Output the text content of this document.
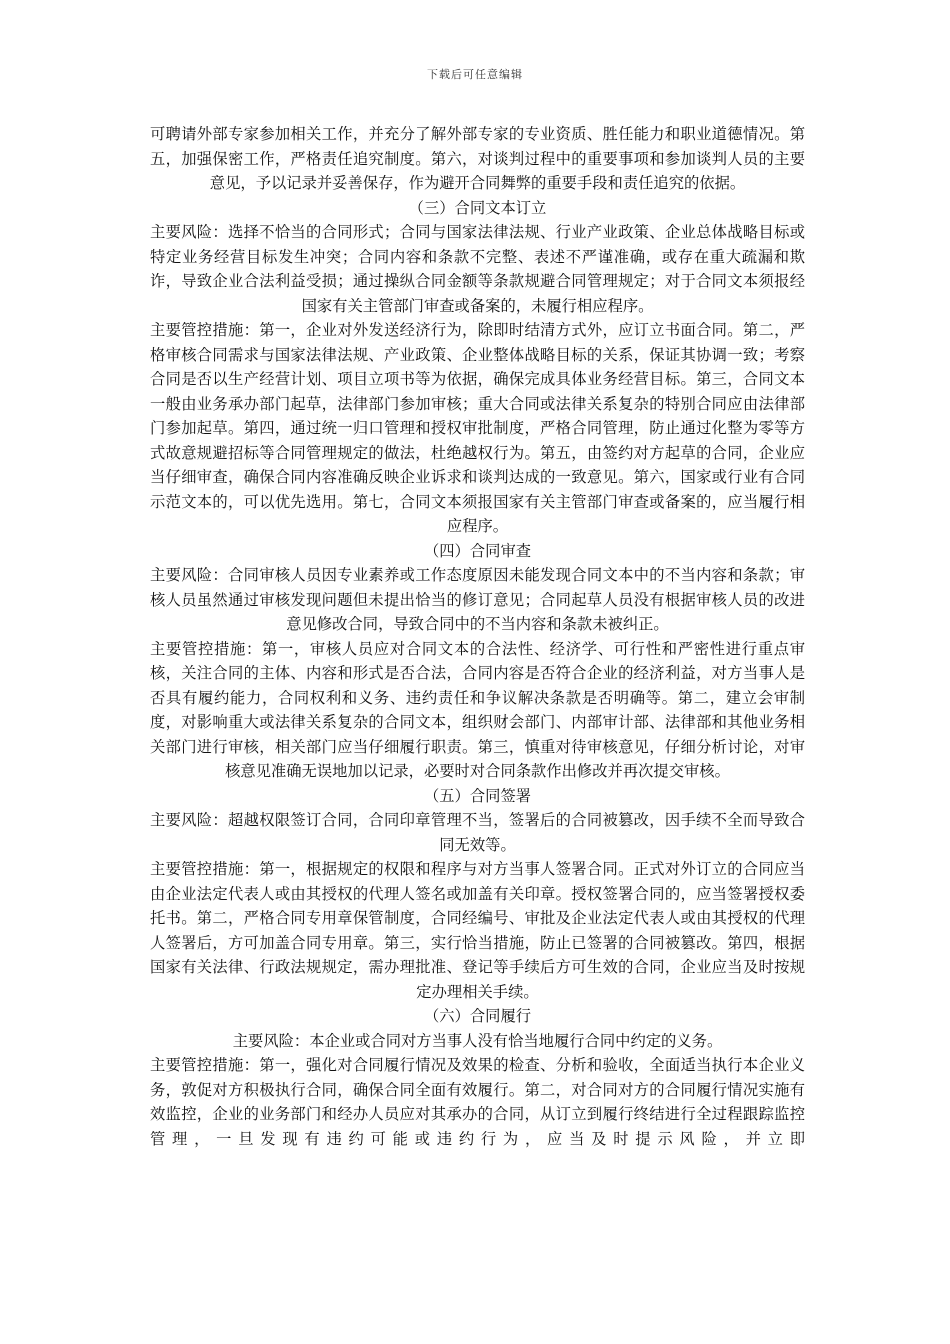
下载后可任意编辑

可聘请外部专家参加相关工作，并充分了解外部专家的专业资质、胜任能力和职业道德情况。第五，加强保密工作，严格责任追究制度。第六，对谈判过程中的重要事项和参加谈判人员的主要意见，予以记录并妥善保存，作为避开合同舞弊的重要手段和责任追究的依据。

（三）合同文本订立

主要风险：选择不恰当的合同形式；合同与国家法律法规、行业产业政策、企业总体战略目标或特定业务经营目标发生冲突；合同内容和条款不完整、表述不严谨准确，或存在重大疏漏和欺诈，导致企业合法利益受损；通过操纵合同金额等条款规避合同管理规定；对于合同文本须报经国家有关主管部门审查或备案的，未履行相应程序。

主要管控措施：第一，企业对外发送经济行为，除即时结清方式外，应订立书面合同。第二，严格审核合同需求与国家法律法规、产业政策、企业整体战略目标的关系，保证其协调一致；考察合同是否以生产经营计划、项目立项书等为依据，确保完成具体业务经营目标。第三，合同文本一般由业务承办部门起草，法律部门参加审核；重大合同或法律关系复杂的特别合同应由法律部门参加起草。第四，通过统一归口管理和授权审批制度，严格合同管理，防止通过化整为零等方式故意规避招标等合同管理规定的做法，杜绝越权行为。第五，由签约对方起草的合同，企业应当仔细审查，确保合同内容准确反映企业诉求和谈判达成的一致意见。第六，国家或行业有合同示范文本的，可以优先选用。第七，合同文本须报国家有关主管部门审查或备案的，应当履行相应程序。

（四）合同审查

主要风险：合同审核人员因专业素养或工作态度原因未能发现合同文本中的不当内容和条款；审核人员虽然通过审核发现问题但未提出恰当的修订意见；合同起草人员没有根据审核人员的改进意见修改合同，导致合同中的不当内容和条款未被纠正。

主要管控措施：第一，审核人员应对合同文本的合法性、经济学、可行性和严密性进行重点审核，关注合同的主体、内容和形式是否合法，合同内容是否符合企业的经济利益，对方当事人是否具有履约能力，合同权利和义务、违约责任和争议解决条款是否明确等。第二，建立会审制度，对影响重大或法律关系复杂的合同文本，组织财会部门、内部审计部、法律部和其他业务相关部门进行审核，相关部门应当仔细履行职责。第三，慎重对待审核意见，仔细分析讨论，对审核意见准确无误地加以记录，必要时对合同条款作出修改并再次提交审核。

（五）合同签署

主要风险：超越权限签订合同，合同印章管理不当，签署后的合同被篡改，因手续不全而导致合同无效等。

主要管控措施：第一，根据规定的权限和程序与对方当事人签署合同。正式对外订立的合同应当由企业法定代表人或由其授权的代理人签名或加盖有关印章。授权签署合同的，应当签署授权委托书。第二，严格合同专用章保管制度，合同经编号、审批及企业法定代表人或由其授权的代理人签署后，方可加盖合同专用章。第三，实行恰当措施，防止已签署的合同被篡改。第四，根据国家有关法律、行政法规规定，需办理批准、登记等手续后方可生效的合同，企业应当及时按规定办理相关手续。

（六）合同履行

主要风险：本企业或合同对方当事人没有恰当地履行合同中约定的义务。

主要管控措施：第一，强化对合同履行情况及效果的检查、分析和验收，全面适当执行本企业义务，敦促对方积极执行合同，确保合同全面有效履行。第二，对合同对方的合同履行情况实施有效监控，企业的业务部门和经办人员应对其承办的合同，从订立到履行终结进行全过程跟踪监控管理，一旦发现有违约可能或违约行为，应当及时提示风险，并立即
